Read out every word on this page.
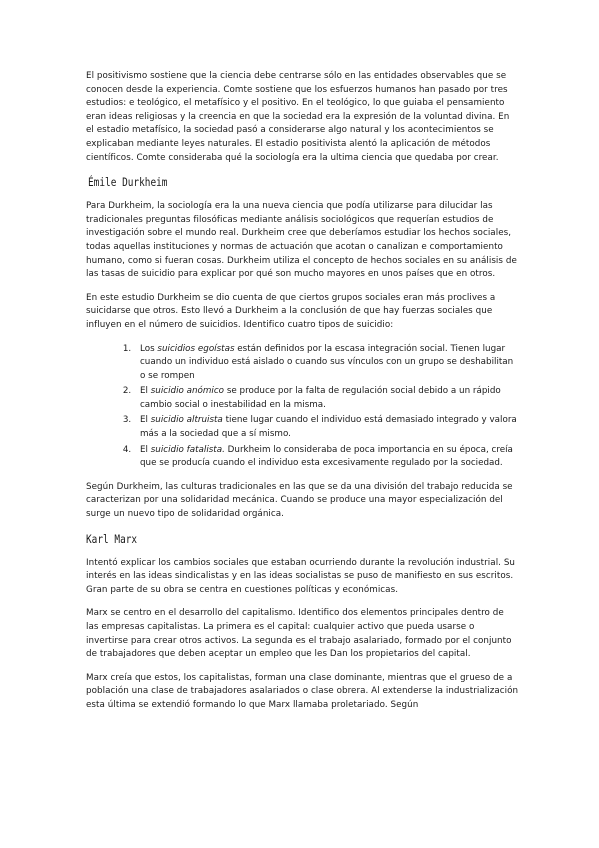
El positivismo sostiene que la ciencia debe centrarse sólo en las entidades observables que se conocen desde la experiencia. Comte sostiene que los esfuerzos humanos han pasado por tres estudios: e teológico, el metafísico y el positivo. En el teológico, lo que guiaba el pensamiento eran ideas religiosas y la creencia en que la sociedad era la expresión de la voluntad divina. En el estadio metafísico, la sociedad pasó a considerarse algo natural y los acontecimientos se explicaban mediante leyes naturales. El estadio positivista alentó la aplicación de métodos científicos. Comte consideraba qué la sociología era la ultima ciencia que quedaba por crear.

Émile Durkheim

Para Durkheim, la sociología era la una nueva ciencia que podía utilizarse para dilucidar las tradicionales preguntas filosóficas mediante análisis sociológicos que requerían estudios de investigación sobre el mundo real. Durkheim cree que deberíamos estudiar los hechos sociales, todas aquellas instituciones y normas de actuación que acotan o canalizan e comportamiento humano, como si fueran cosas. Durkheim utiliza el concepto de hechos sociales en su análisis de las tasas de suicidio para explicar por qué son mucho mayores en unos países que en otros.

En este estudio Durkheim se dio cuenta de que ciertos grupos sociales eran más proclives a suicidarse que otros. Esto llevó a Durkheim a la conclusión de que hay fuerzas sociales que influyen en el número de suicidios. Identifico cuatro tipos de suicidio:

1. Los suicidios egoístas están definidos por la escasa integración social. Tienen lugar cuando un individuo está aislado o cuando sus vínculos con un grupo se deshabilitan o se rompen
2. El suicidio anómico se produce por la falta de regulación social debido a un rápido cambio social o inestabilidad en la misma.
3. El suicidio altruista tiene lugar cuando el individuo está demasiado integrado y valora más a la sociedad que a sí mismo.
4. El suicidio fatalista. Durkheim lo consideraba de poca importancia en su época, creía que se producía cuando el individuo esta excesivamente regulado por la sociedad.

Según Durkheim, las culturas tradicionales en las que se da una división del trabajo reducida se caracterizan por una solidaridad mecánica. Cuando se produce una mayor especialización del surge un nuevo tipo de solidaridad orgánica.

Karl Marx

Intentó explicar los cambios sociales que estaban ocurriendo durante la revolución industrial. Su interés en las ideas sindicalistas y en las ideas socialistas se puso de manifiesto en sus escritos. Gran parte de su obra se centra en cuestiones políticas y económicas.

Marx se centro en el desarrollo del capitalismo. Identifico dos elementos principales dentro de las empresas capitalistas. La primera es el capital: cualquier activo que pueda usarse o invertirse para crear otros activos. La segunda es el trabajo asalariado, formado por el conjunto de trabajadores que deben aceptar un empleo que les Dan los propietarios del capital.

Marx creía que estos, los capitalistas, forman una clase dominante, mientras que el grueso de a población una clase de trabajadores asalariados o clase obrera. Al extenderse la industrialización esta última se extendió formando lo que Marx llamaba proletariado. Según
